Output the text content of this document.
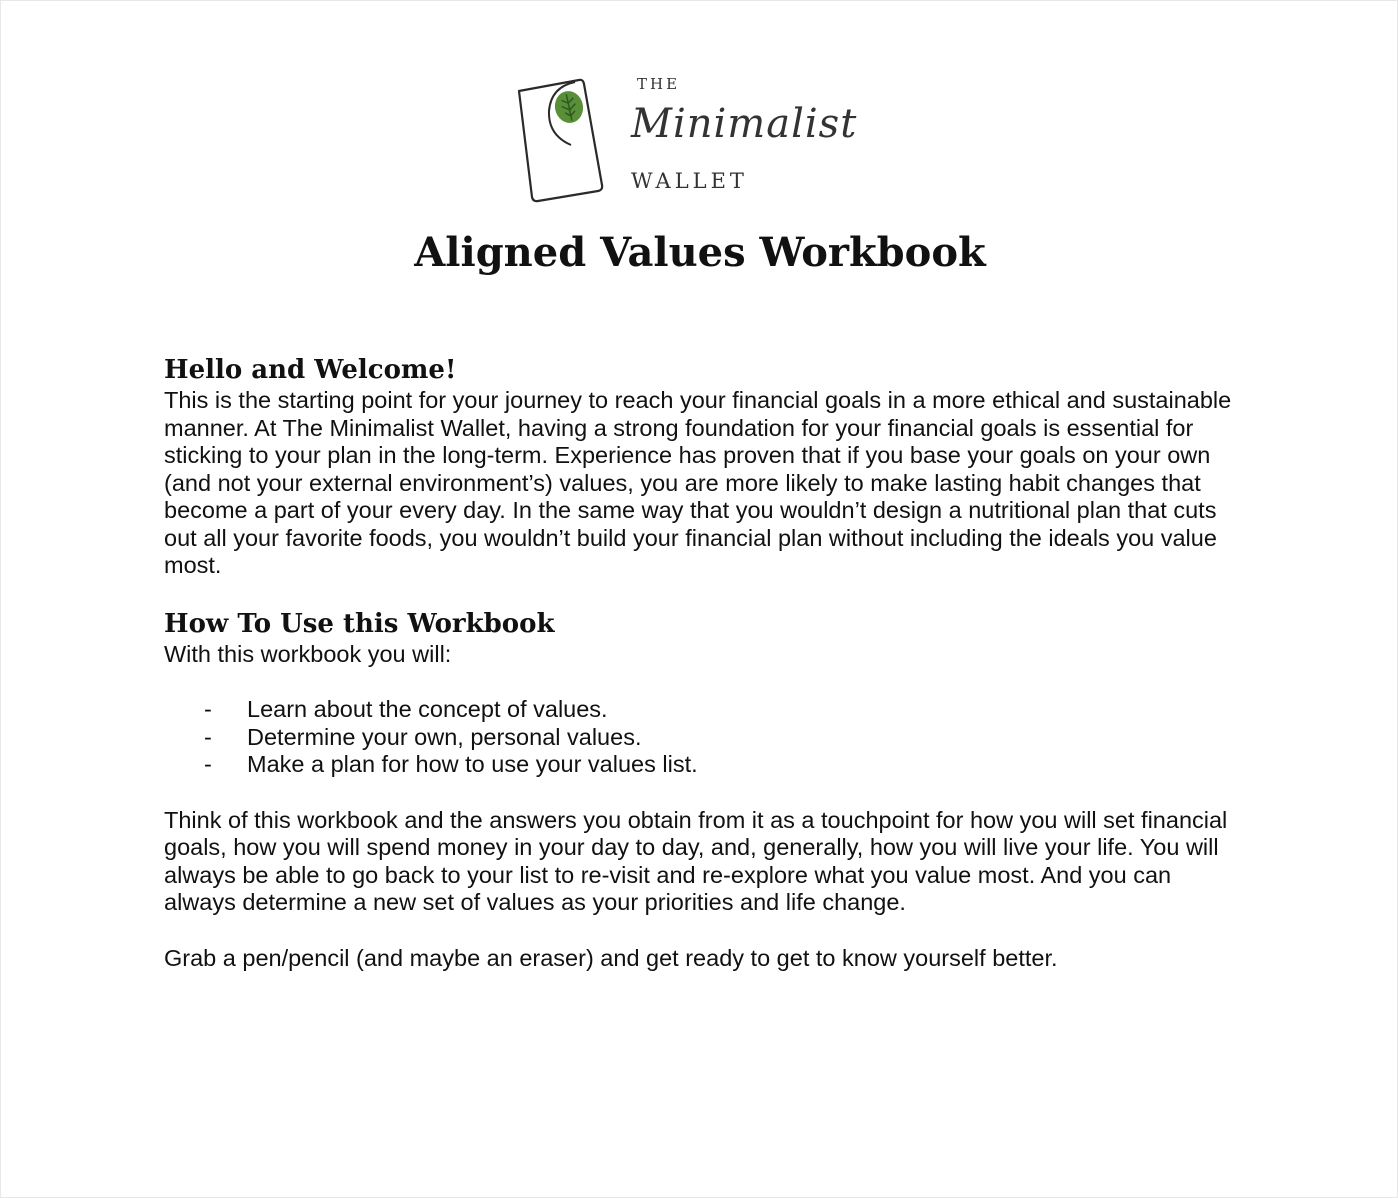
THE
Minimalist
WALLET
Aligned Values Workbook
Hello and Welcome!

This is the starting point for your journey to reach your financial goals in a more ethical and sustainable manner. At The Minimalist Wallet, having a strong foundation for your financial goals is essential for sticking to your plan in the long-term. Experience has proven that if you base your goals on your own (and not your external environment’s) values, you are more likely to make lasting habit changes that become a part of your every day. In the same way that you wouldn’t design a nutritional plan that cuts out all your favorite foods, you wouldn’t build your financial plan without including the ideals you value most.

How To Use this Workbook

With this workbook you will:

- Learn about the concept of values.
- Determine your own, personal values.
- Make a plan for how to use your values list.

Think of this workbook and the answers you obtain from it as a touchpoint for how you will set financial goals, how you will spend money in your day to day, and, generally, how you will live your life. You will always be able to go back to your list to re-visit and re-explore what you value most. And you can always determine a new set of values as your priorities and life change.

Grab a pen/pencil (and maybe an eraser) and get ready to get to know yourself better.
